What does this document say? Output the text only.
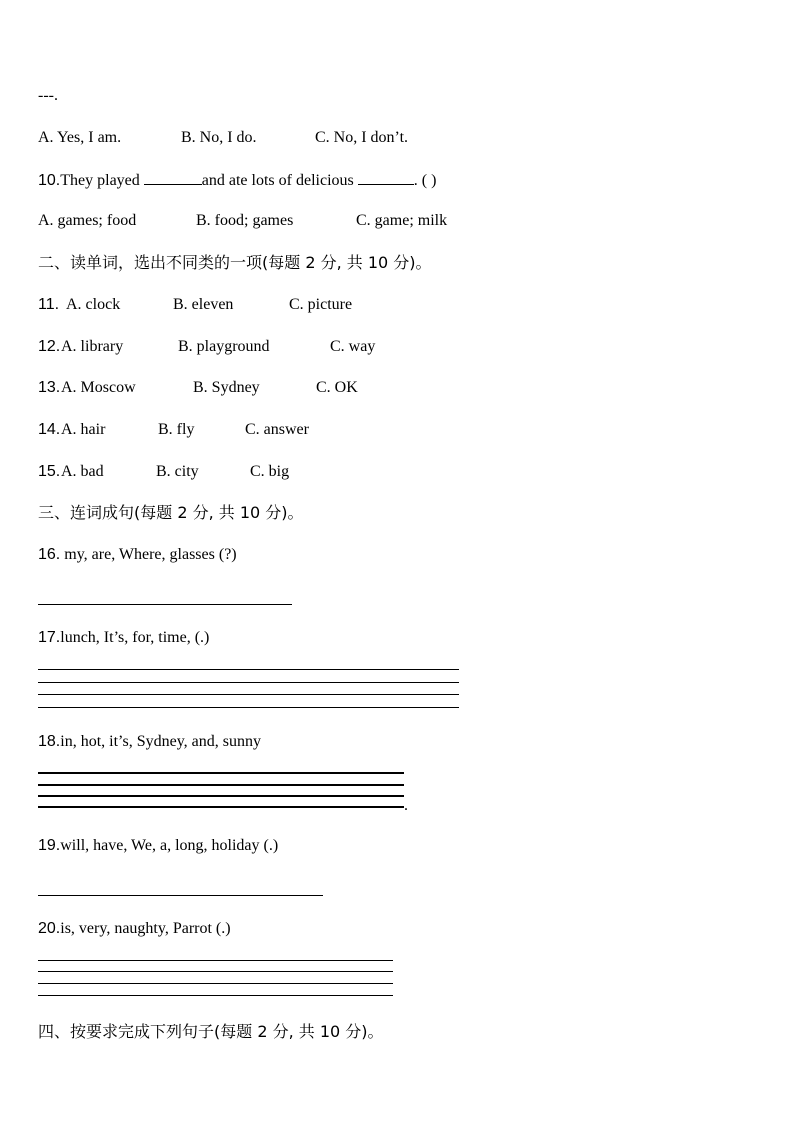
---.
A. Yes, I am.	B. No, I do.	C. No, I don’t.
10.They played	and ate lots of delicious	. ( )
A. games; food	B. food; games	C. game; milk
二、读单词，选出不同类的一项(每题 2 分, 共 10 分)。
11. A. clock	B. eleven	C. picture
12. A. library	B. playground	C. way
13. A. Moscow	B. Sydney	C. OK
14. A. hair	B. fly	C. answer
15. A. bad	B. city	C. big
三、连词成句(每题 2 分, 共 10 分)。
16. my, are, Where, glasses (?)
17.lunch, It’s, for, time, (.)
18.in, hot, it’s, Sydney, and, sunny
.
19.will, have, We, a, long, holiday (.)
20.is, very, naughty, Parrot (.)
四、按要求完成下列句子(每题 2 分, 共 10 分)。
